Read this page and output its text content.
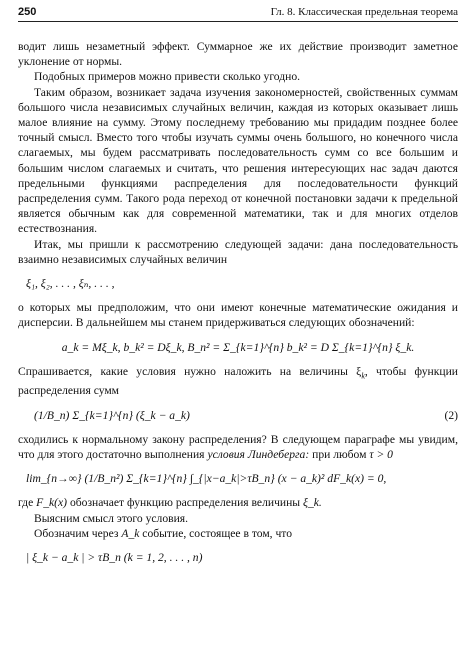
250	Гл. 8. Классическая предельная теорема

водит лишь незаметный эффект. Суммарное же их действие производит заметное уклонение от нормы.

Подобных примеров можно привести сколько угодно.

Таким образом, возникает задача изучения закономерностей, свойственных суммам большого числа независимых случайных величин, каждая из которых оказывает лишь малое влияние на сумму. Этому последнему требованию мы придадим позднее более точный смысл. Вместо того чтобы изучать суммы очень большого, но конечного числа слагаемых, мы будем рассматривать последовательность сумм со все большим и большим числом слагаемых и считать, что решения интересующих нас задач даются предельными функциями распределения для последовательности функций распределения сумм. Такого рода переход от конечной постановки задачи к предельной является обычным как для современной математики, так и для многих отделов естествознания.

Итак, мы пришли к рассмотрению следующей задачи: дана последовательность взаимно независимых случайных величин

ξ₁, ξ₂, . . . , ξₙ, . . . ,

о которых мы предположим, что они имеют конечные математические ожидания и дисперсии. В дальнейшем мы станем придерживаться следующих обозначений:

a_k = Mξ_k, b_k² = Dξ_k, B_n² = Σ_{k=1}^{n} b_k² = D Σ_{k=1}^{n} ξ_k.

Спрашивается, какие условия нужно наложить на величины $\xi_k$, чтобы функции распределения сумм

(1/B_n) Σ_{k=1}^{n} (ξ_k − a_k)	(2)

сходились к нормальному закону распределения? В следующем параграфе мы увидим, что для этого достаточно выполнения условия Линдеберга: при любом τ > 0

lim_{n→∞} (1/B_n²) Σ_{k=1}^{n} ∫_{|x−a_k|>τB_n} (x − a_k)² dF_k(x) = 0,

где F_k(x) обозначает функцию распределения величины ξ_k.

Выясним смысл этого условия.

Обозначим через A_k событие, состоящее в том, что

| ξ_k − a_k | > τB_n (k = 1, 2, . . . , n)
